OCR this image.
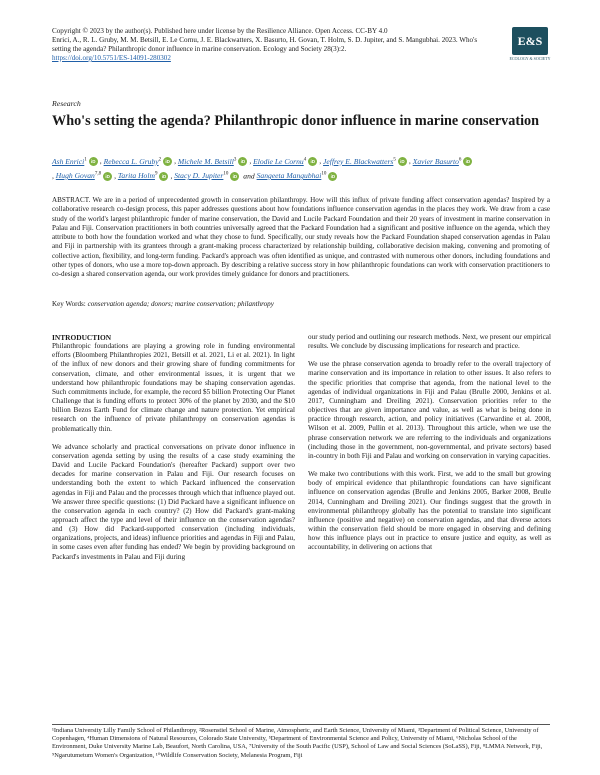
Copyright © 2023 by the author(s). Published here under license by the Resilience Alliance. Open Access. CC-BY 4.0
Enrici, A., R. L. Gruby, M. M. Betsill, E. Le Cornu, J. E. Blackwatters, X. Basurto, H. Govan, T. Holm, S. D. Jupiter, and S. Mangubhai. 2023. Who's setting the agenda? Philanthropic donor influence in marine conservation. Ecology and Society 28(3):2.
https://doi.org/10.5751/ES-14091-280302
E&S
ECOLOGY & SOCIETY
Research
Who's setting the agenda? Philanthropic donor influence in marine conservation
Ash Enrici$^1$ iD , Rebecca L. Gruby$^2$ iD , Michele M. Betsill$^3$ iD , Elodie Le Cornu$^4$ iD , Jeffrey E. Blackwatters$^5$ iD , Xavier Basurto$^6$ iD
, Hugh Govan$^{7,8}$ iD , Tarita Holm$^9$ iD , Stacy D. Jupiter$^{10}$ iD and Sangeeta Mangubhai$^{10}$ iD
ABSTRACT. We are in a period of unprecedented growth in conservation philanthropy. How will this influx of private funding affect conservation agendas? Inspired by a collaborative research co-design process, this paper addresses questions about how foundations influence conservation agendas in the places they work. We draw from a case study of the world's largest philanthropic funder of marine conservation, the David and Lucile Packard Foundation and their 20 years of investment in marine conservation in Palau and Fiji. Conservation practitioners in both countries universally agreed that the Packard Foundation had a significant and positive influence on the agenda, which they attribute to both how the foundation worked and what they chose to fund. Specifically, our study reveals how the Packard Foundation shaped conservation agendas in Palau and Fiji in partnership with its grantees through a grant-making process characterized by relationship building, collaborative decision making, convening and promoting of collective action, flexibility, and long-term funding. Packard's approach was often identified as unique, and contrasted with numerous other donors, including foundations and other types of donors, who use a more top-down approach. By describing a relative success story in how philanthropic foundations can work with conservation practitioners to co-design a shared conservation agenda, our work provides timely guidance for donors and practitioners.
Key Words: conservation agenda; donors; marine conservation; philanthropy
INTRODUCTION

Philanthropic foundations are playing a growing role in funding environmental efforts (Bloomberg Philanthropies 2021, Betsill et al. 2021, Li et al. 2021). In light of the influx of new donors and their growing share of funding commitments for conservation, climate, and other environmental issues, it is urgent that we understand how philanthropic foundations may be shaping conservation agendas. Such commitments include, for example, the record $5 billion Protecting Our Planet Challenge that is funding efforts to protect 30% of the planet by 2030, and the $10 billion Bezos Earth Fund for climate change and nature protection. Yet empirical research on the influence of private philanthropy on conservation agendas is problematically thin.

We advance scholarly and practical conversations on private donor influence in conservation agenda setting by using the results of a case study examining the David and Lucile Packard Foundation's (hereafter Packard) support over two decades for marine conservation in Palau and Fiji. Our research focuses on understanding both the extent to which Packard influenced the conservation agendas in Fiji and Palau and the processes through which that influence played out. We answer three specific questions: (1) Did Packard have a significant influence on the conservation agenda in each country? (2) How did Packard's grant-making approach affect the type and level of their influence on the conservation agendas? and (3) How did Packard-supported conservation (including individuals, organizations, projects, and ideas) influence priorities and agendas in Fiji and Palau, in some cases even after funding has ended? We begin by providing background on Packard's investments in Palau and Fiji during

our study period and outlining our research methods. Next, we present our empirical results. We conclude by discussing implications for research and practice.

We use the phrase conservation agenda to broadly refer to the overall trajectory of marine conservation and its importance in relation to other issues. It also refers to the specific priorities that comprise that agenda, from the national level to the agendas of individual organizations in Fiji and Palau (Brulle 2000, Jenkins et al. 2017, Cunningham and Dreiling 2021). Conservation priorities refer to the objectives that are given importance and value, as well as what is being done in practice through research, action, and policy initiatives (Carwardine et al. 2008, Wilson et al. 2009, Pullin et al. 2013). Throughout this article, when we use the phrase conservation network we are referring to the individuals and organizations (including those in the government, non-governmental, and private sectors) based in-country in both Fiji and Palau and working on conservation in varying capacities.

We make two contributions with this work. First, we add to the small but growing body of empirical evidence that philanthropic foundations can have significant influence on conservation agendas (Brulle and Jenkins 2005, Barker 2008, Brulle 2014, Cunningham and Dreiling 2021). Our findings suggest that the growth in environmental philanthropy globally has the potential to translate into significant influence (positive and negative) on conservation agendas, and that diverse actors within the conservation field should be more engaged in observing and defining how this influence plays out in practice to ensure justice and equity, as well as accountability, in delivering on actions that

¹Indiana University Lilly Family School of Philanthropy, ²Rosenstiel School of Marine, Atmospheric, and Earth Science, University of Miami, ³Department of Political Science, University of Copenhagen, ⁴Human Dimensions of Natural Resources, Colorado State University, ⁵Department of Environmental Science and Policy, University of Miami, ⁶Nicholas School of the Environment, Duke University Marine Lab, Beaufort, North Carolina, USA, ⁷University of the South Pacific (USP), School of Law and Social Sciences (SoLaSS), Fiji, ⁸LMMA Network, Fiji, ⁹Ngarutumetum Women's Organization, ¹⁰Wildlife Conservation Society, Melanesia Program, Fiji
